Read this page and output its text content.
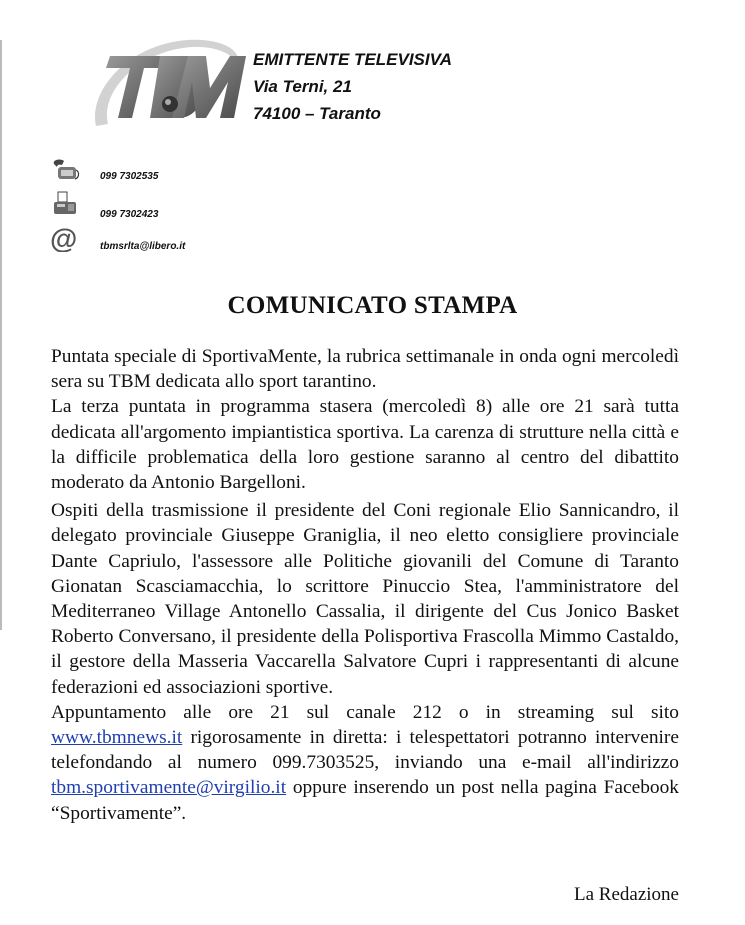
EMITTENTE TELEVISIVA
Via Terni, 21
74100 – Taranto
099 7302535
099 7302423
@ tbmsrlta@libero.it
COMUNICATO STAMPA

Puntata speciale di SportivaMente, la rubrica settimanale in onda ogni mercoledì sera su TBM dedicata allo sport tarantino.

La terza puntata in programma stasera (mercoledì 8) alle ore 21 sarà tutta dedicata all'argomento impiantistica sportiva. La carenza di strutture nella città e la difficile problematica della loro gestione saranno al centro del dibattito moderato da Antonio Bargelloni.

Ospiti della trasmissione il presidente del Coni regionale Elio Sannicandro, il delegato provinciale Giuseppe Graniglia, il neo eletto consigliere provinciale Dante Capriulo, l'assessore alle Politiche giovanili del Comune di Taranto Gionatan Scasciamacchia, lo scrittore Pinuccio Stea, l'amministratore del Mediterraneo Village Antonello Cassalia, il dirigente del Cus Jonico Basket Roberto Conversano, il presidente della Polisportiva Frascolla Mimmo Castaldo, il gestore della Masseria Vaccarella Salvatore Cupri i rappresentanti di alcune federazioni ed associazioni sportive.

Appuntamento alle ore 21 sul canale 212 o in streaming sul sito www.tbmnews.it rigorosamente in diretta: i telespettatori potranno intervenire telefondando al numero 099.7303525, inviando una e-mail all'indirizzo tbm.sportivamente@virgilio.it oppure inserendo un post nella pagina Facebook “Sportivamente”.

La Redazione
